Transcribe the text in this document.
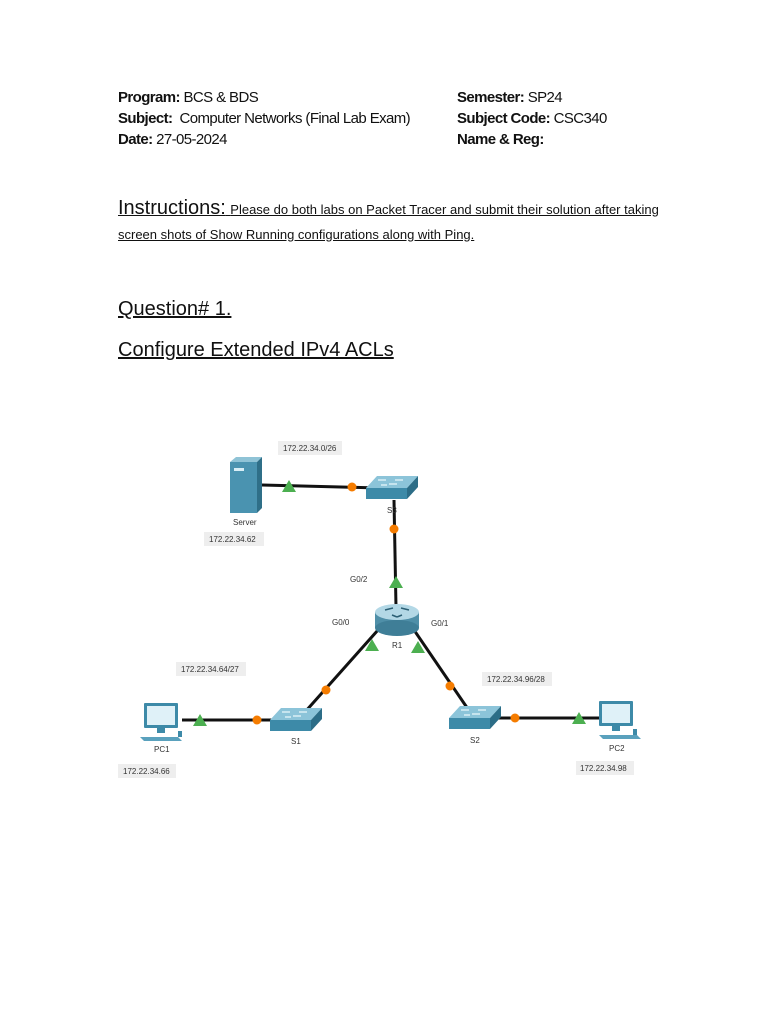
Program: BCS & BDS
Subject: Computer Networks (Final Lab Exam)
Date: 27-05-2024
Semester: SP24
Subject Code: CSC340
Name & Reg:
Instructions: Please do both labs on Packet Tracer and submit their solution after taking screen shots of Show Running configurations along with Ping.
Question# 1.
Configure Extended IPv4 ACLs
172.22.34.0/26
Server
172.22.34.62
S3
G0/2
G0/0	G0/1
R1
172.22.34.64/27
172.22.34.96/28
S1	S2
PC1	PC2
172.22.34.66	172.22.34.98
